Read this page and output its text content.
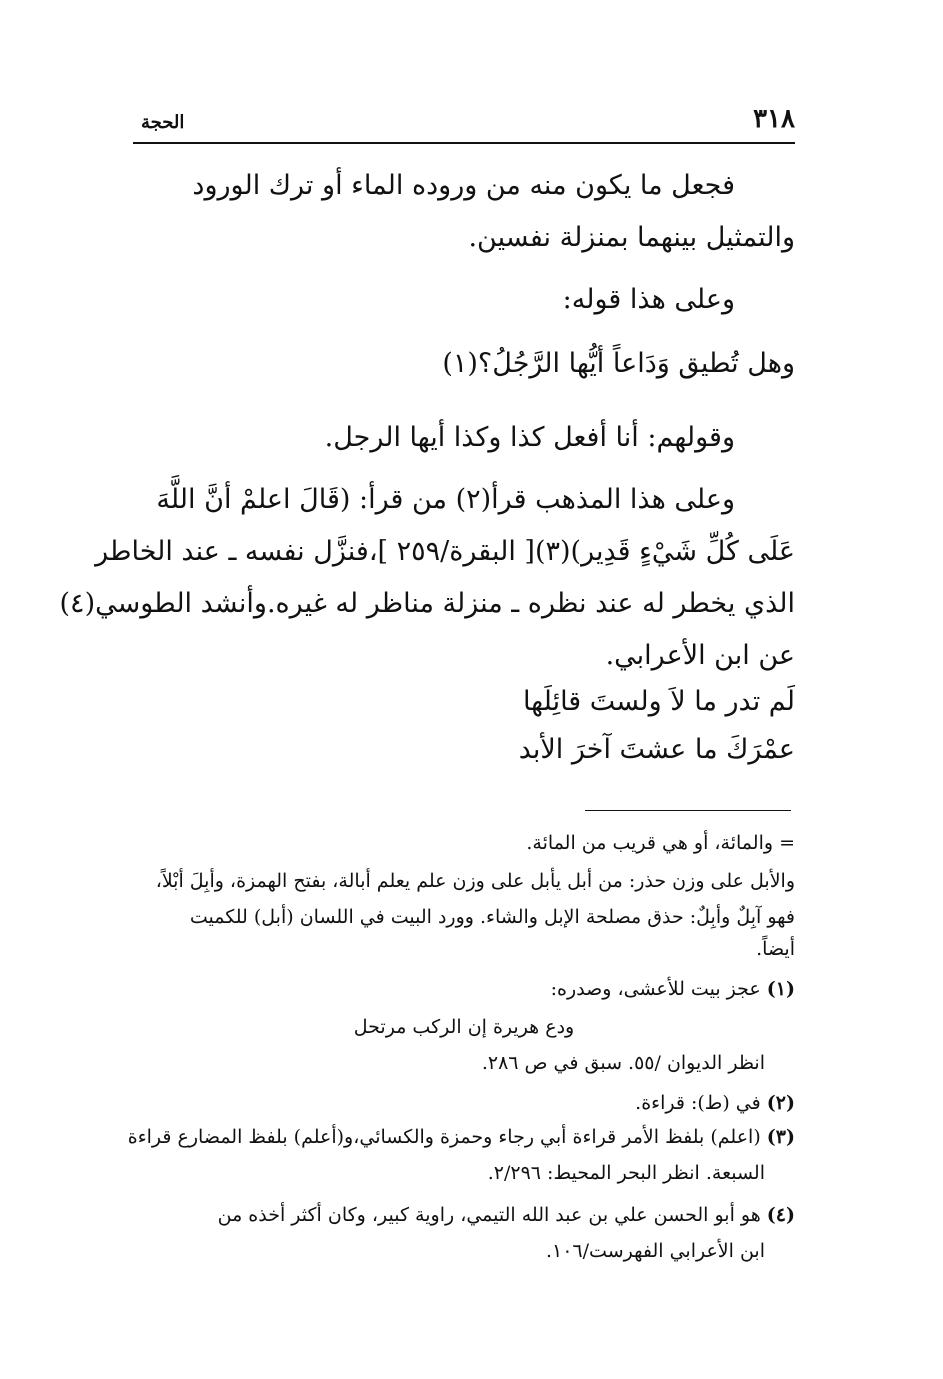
٣١٨
الحجة
فجعل ما يكون منه من وروده الماء أو ترك الورود
والتمثيل بينهما بمنزلة نفسين.
وعلى هذا قوله:
وهل تُطيق وَدَاعاً أيُّها الرَّجُلُ؟(١)
وقولهم: أنا أفعل كذا وكذا أيها الرجل.
وعلى هذا المذهب قرأ(٢) من قرأ: (قَالَ اعلمْ أنَّ اللَّهَ
عَلَى كُلِّ شَيْءٍ قَدِير)(٣)[ البقرة/٢٥٩ ]،فنزَّل نفسه ـ عند الخاطر
الذي يخطر له عند نظره ـ منزلة مناظر له غيره.وأنشد الطوسي(٤)
عن ابن الأعرابي.
لَم تدر ما لاَ ولستَ قائِلَها
عمْرَكَ ما عشتَ آخرَ الأبد
= والمائة، أو هي قريب من المائة.
والأبل على وزن حذر: من أبل يأبل على وزن علم يعلم أبالة، بفتح الهمزة، وأبِلَ أبْلاً،
فهو آبِلٌ وأبِلٌ: حذق مصلحة الإبل والشاء. وورد البيت في اللسان (أبل) للكميت
أيضاً.
(١) عجز بيت للأعشى، وصدره:
ودع هريرة إن الركب مرتحل
انظر الديوان /٥٥. سبق في ص ٢٨٦.
(٢) في (ط): قراءة.
(٣) (اعلم) بلفظ الأمر قراءة أبي رجاء وحمزة والكسائي،و(أعلم) بلفظ المضارع قراءة
السبعة. انظر البحر المحيط: ٢/٢٩٦.
(٤) هو أبو الحسن علي بن عبد الله التيمي، راوية كبير، وكان أكثر أخذه من
ابن الأعرابي الفهرست/١٠٦.
